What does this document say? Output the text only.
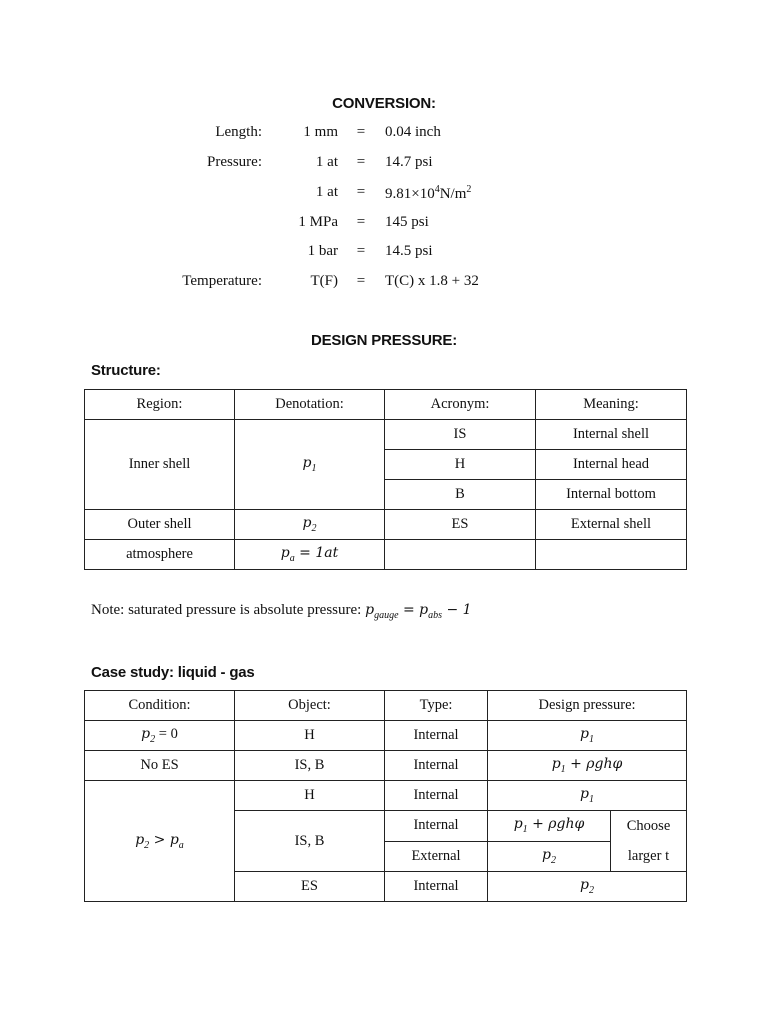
CONVERSION:
Length:	1 mm = 0.04 inch
Pressure:	1 at = 14.7 psi
1 at = $9.81\times 10^4N/m^2$
1 MPa = 145 psi
1 bar = 14.5 psi
Temperature:	T(F) = T(C) x 1.8 + 32
DESIGN PRESSURE:
Structure:
Region:	Denotation:	Acronym:	Meaning:
Inner shell	$p_1$	IS	Internal shell
		H	Internal head
		B	Internal bottom
Outer shell	$p_2$	ES	External shell
atmosphere	$p_a = 1at$		
Note: saturated pressure is absolute pressure: $p_{gauge} = p_{abs} - 1$
Case study: liquid - gas
Condition:	Object:	Type:	Design pressure:	
$p_2 = 0$	H	Internal	$p_1$
No ES	IS, B	Internal	$p_1 + \rho gh\varphi$	
$p_2 > p_a$	H	Internal	$p_1$
	IS, B	Internal	$p_1 + \rho gh\varphi$	Choose
larger t
		External	$p_2$
	ES	Internal	$p_2$
